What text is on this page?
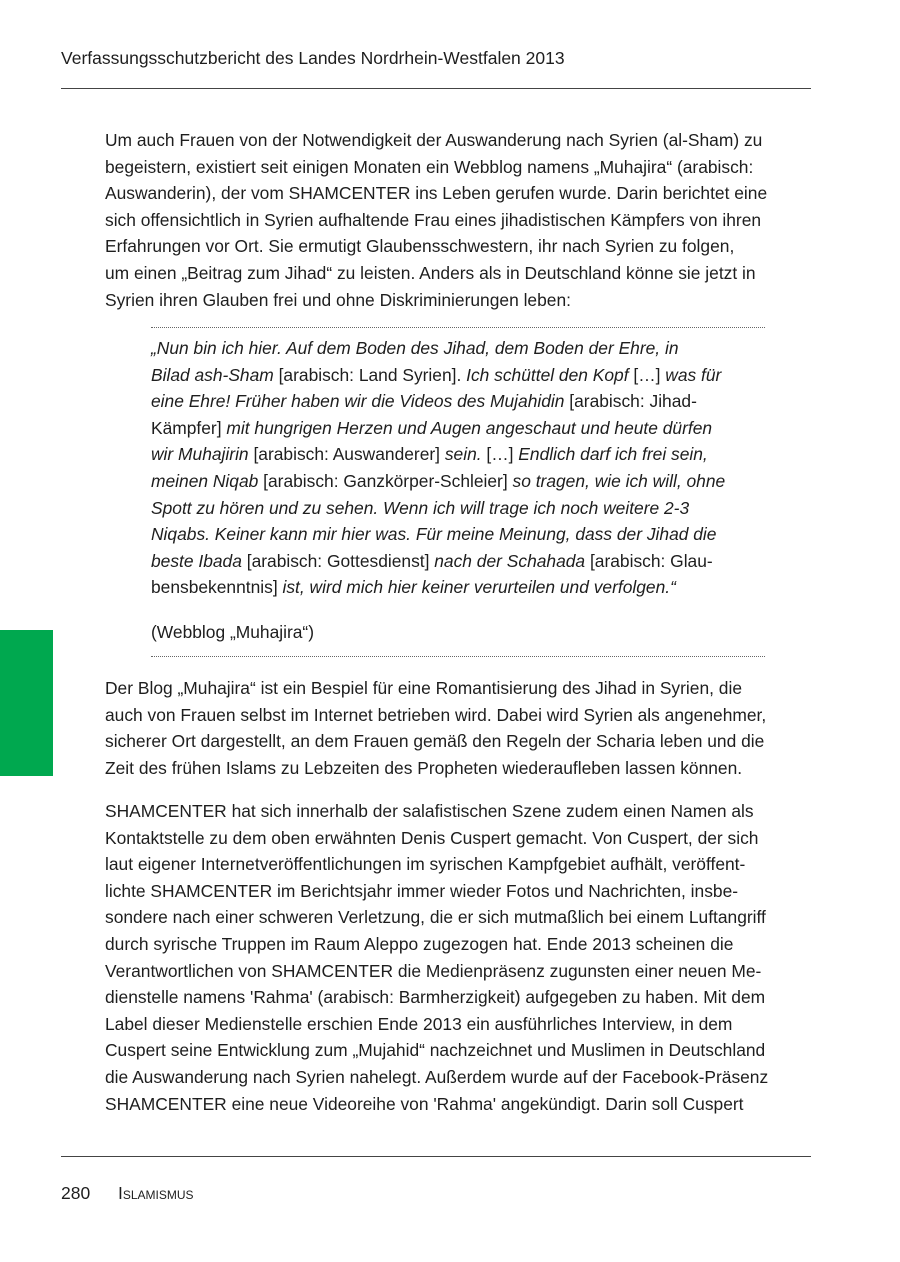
Verfassungsschutzbericht des Landes Nordrhein-Westfalen 2013

Um auch Frauen von der Notwendigkeit der Auswanderung nach Syrien (al-Sham) zu
begeistern, existiert seit einigen Monaten ein Webblog namens „Muhajira“ (arabisch:
Auswanderin), der vom SHAMCENTER ins Leben gerufen wurde. Darin berichtet eine
sich offensichtlich in Syrien aufhaltende Frau eines jihadistischen Kämpfers von ihren
Erfahrungen vor Ort. Sie ermutigt Glaubensschwestern, ihr nach Syrien zu folgen,
um einen „Beitrag zum Jihad“ zu leisten. Anders als in Deutschland könne sie jetzt in
Syrien ihren Glauben frei und ohne Diskriminierungen leben:

„Nun bin ich hier. Auf dem Boden des Jihad, dem Boden der Ehre, in
Bilad ash-Sham [arabisch: Land Syrien]. Ich schüttel den Kopf […] was für
eine Ehre! Früher haben wir die Videos des Mujahidin [arabisch: Jihad-
Kämpfer] mit hungrigen Herzen und Augen angeschaut und heute dürfen
wir Muhajirin [arabisch: Auswanderer] sein. […] Endlich darf ich frei sein,
meinen Niqab [arabisch: Ganzkörper-Schleier] so tragen, wie ich will, ohne
Spott zu hören und zu sehen. Wenn ich will trage ich noch weitere 2-3
Niqabs. Keiner kann mir hier was. Für meine Meinung, dass der Jihad die
beste Ibada [arabisch: Gottesdienst] nach der Schahada [arabisch: Glau-
bensbekenntnis] ist, wird mich hier keiner verurteilen und verfolgen.“

(Webblog „Muhajira“)

Der Blog „Muhajira“ ist ein Bespiel für eine Romantisierung des Jihad in Syrien, die
auch von Frauen selbst im Internet betrieben wird. Dabei wird Syrien als angenehmer,
sicherer Ort dargestellt, an dem Frauen gemäß den Regeln der Scharia leben und die
Zeit des frühen Islams zu Lebzeiten des Propheten wiederaufleben lassen können.

SHAMCENTER hat sich innerhalb der salafistischen Szene zudem einen Namen als
Kontaktstelle zu dem oben erwähnten Denis Cuspert gemacht. Von Cuspert, der sich
laut eigener Internetveröffentlichungen im syrischen Kampfgebiet aufhält, veröffent-
lichte SHAMCENTER im Berichtsjahr immer wieder Fotos und Nachrichten, insbe-
sondere nach einer schweren Verletzung, die er sich mutmaßlich bei einem Luftangriff
durch syrische Truppen im Raum Aleppo zugezogen hat. Ende 2013 scheinen die
Verantwortlichen von SHAMCENTER die Medienpräsenz zugunsten einer neuen Me-
dienstelle namens 'Rahma' (arabisch: Barmherzigkeit) aufgegeben zu haben. Mit dem
Label dieser Medienstelle erschien Ende 2013 ein ausführliches Interview, in dem
Cuspert seine Entwicklung zum „Mujahid“ nachzeichnet und Muslimen in Deutschland
die Auswanderung nach Syrien nahelegt. Außerdem wurde auf der Facebook-Präsenz
SHAMCENTER eine neue Videoreihe von 'Rahma' angekündigt. Darin soll Cuspert

280 Islamismus
